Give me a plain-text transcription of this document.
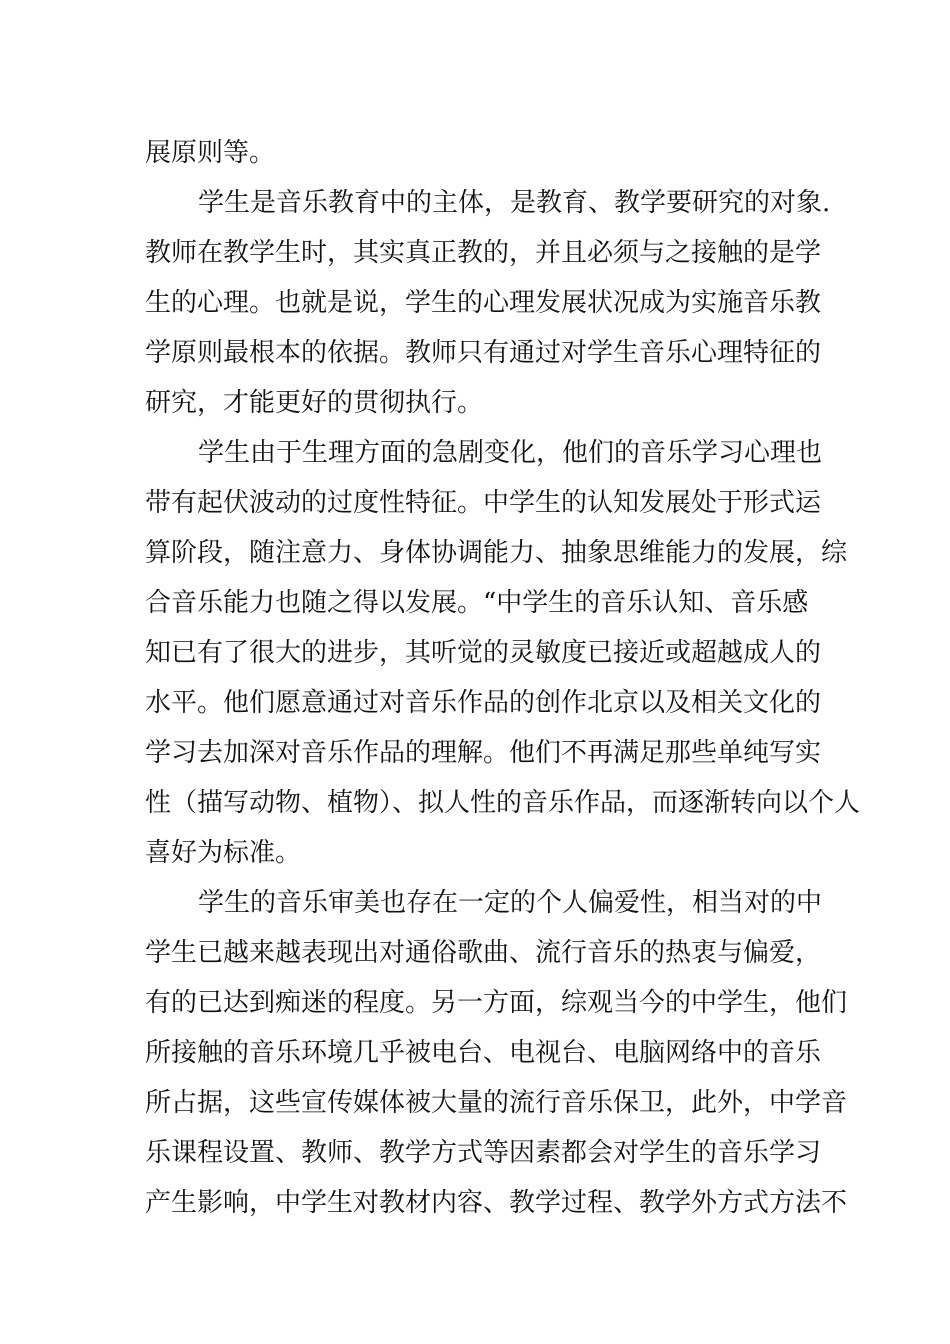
展原则等。
学生是音乐教育中的主体，是教育、教学要研究的对象.
教师在教学生时，其实真正教的，并且必须与之接触的是学
生的心理。也就是说，学生的心理发展状况成为实施音乐教
学原则最根本的依据。教师只有通过对学生音乐心理特征的
研究，才能更好的贯彻执行。
学生由于生理方面的急剧变化，他们的音乐学习心理也
带有起伏波动的过度性特征。中学生的认知发展处于形式运
算阶段，随注意力、身体协调能力、抽象思维能力的发展，综
合音乐能力也随之得以发展。“中学生的音乐认知、音乐感
知已有了很大的进步，其听觉的灵敏度已接近或超越成人的
水平。他们愿意通过对音乐作品的创作北京以及相关文化的
学习去加深对音乐作品的理解。他们不再满足那些单纯写实
性（描写动物、植物）、拟人性的音乐作品，而逐渐转向以个人
喜好为标准。
学生的音乐审美也存在一定的个人偏爱性，相当对的中
学生已越来越表现出对通俗歌曲、流行音乐的热衷与偏爱，
有的已达到痴迷的程度。另一方面，综观当今的中学生，他们
所接触的音乐环境几乎被电台、电视台、电脑网络中的音乐
所占据，这些宣传媒体被大量的流行音乐保卫，此外，中学音
乐课程设置、教师、教学方式等因素都会对学生的音乐学习
产生影响，中学生对教材内容、教学过程、教学外方式方法不
